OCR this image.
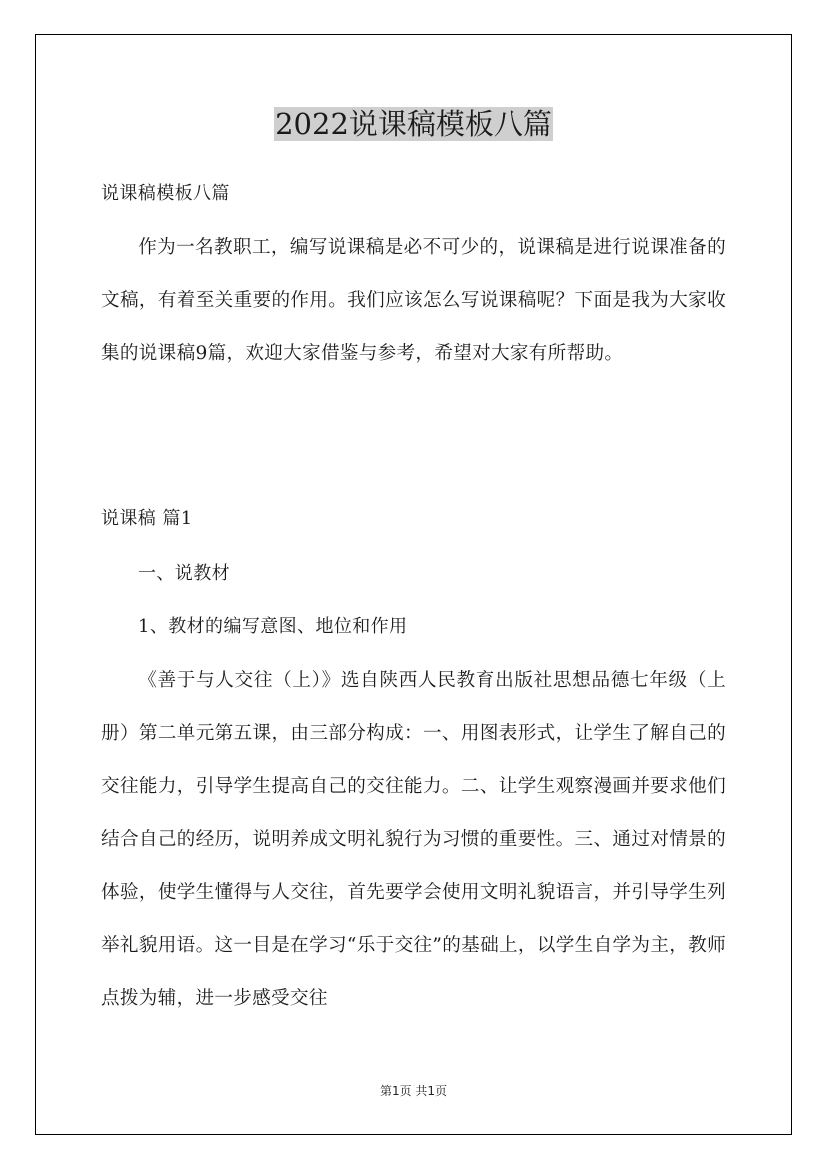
2022说课稿模板八篇

说课稿模板八篇

作为一名教职工，编写说课稿是必不可少的，说课稿是进行说课准备的文稿，有着至关重要的作用。我们应该怎么写说课稿呢？下面是我为大家收集的说课稿9篇，欢迎大家借鉴与参考，希望对大家有所帮助。

说课稿 篇1

一、说教材

1、教材的编写意图、地位和作用

《善于与人交往（上）》选自陕西人民教育出版社思想品德七年级（上册）第二单元第五课，由三部分构成：一、用图表形式，让学生了解自己的交往能力，引导学生提高自己的交往能力。二、让学生观察漫画并要求他们结合自己的经历，说明养成文明礼貌行为习惯的重要性。三、通过对情景的体验，使学生懂得与人交往，首先要学会使用文明礼貌语言，并引导学生列举礼貌用语。这一目是在学习“乐于交往”的基础上，以学生自学为主，教师点拨为辅，进一步感受交往

第1页 共1页
